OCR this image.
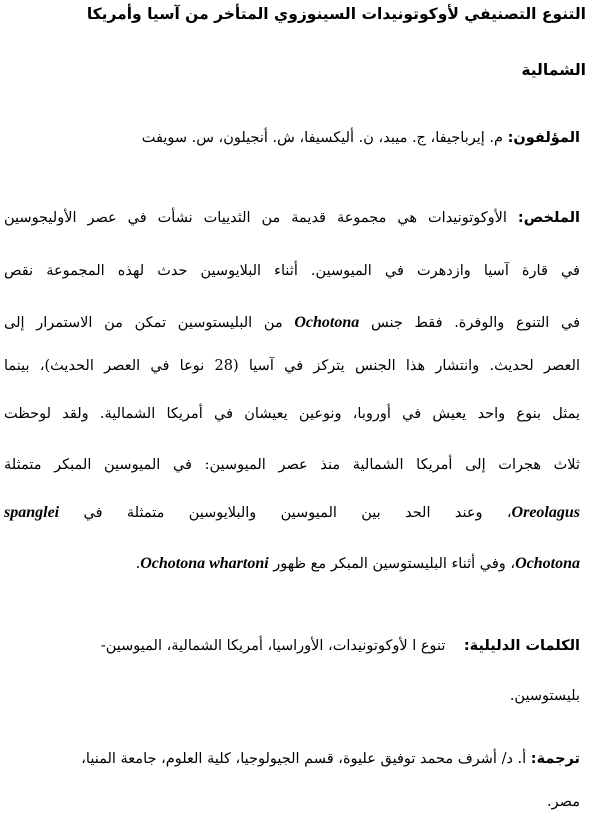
التنوع التصنيفي لأوكوتونيدات السينوزوي المتأخر من آسيا وأمريكا
الشمالية
المؤلفون: م. إيرباجيفا، ج. ميبد، ن. أليكسيفا، ش. أنجيلون، س. سويفت
الملخص: الأوكوتونيدات هي مجموعة قديمة من الثدييات نشأت في عصر الأوليجوسين
في قارة آسيا وازدهرت في الميوسين. أثناء البلايوسين حدث لهذه المجموعة نقص
في التنوع والوفرة. فقط جنس Ochotona من البليستوسين تمكن من الاستمرار إلى
العصر لحديث. وانتشار هذا الجنس يتركز في آسيا (28 نوعا في العصر الحديث)، بينما
يمثل بنوع واحد يعيش في أوروبا، ونوعين يعيشان في أمريكا الشمالية. ولقد لوحظت
ثلاث هجرات إلى أمريكا الشمالية منذ عصر الميوسين: في الميوسين المبكر متمثلة
Oreolagus، وعند الحد بين الميوسين والبلايوسين متمثلة في spanglei
Ochotona، وفي أثناء البليستوسين المبكر مع ظهور Ochotona whartoni.
الكلمات الدليلية:    تنوع ا لأوكوتونيدات، الأوراسيا، أمريكا الشمالية، الميوسين-
بليستوسين.
ترجمة: أ. د/ أشرف محمد توفيق عليوة، قسم الجيولوجيا، كلية العلوم، جامعة المنيا،
مصر.
